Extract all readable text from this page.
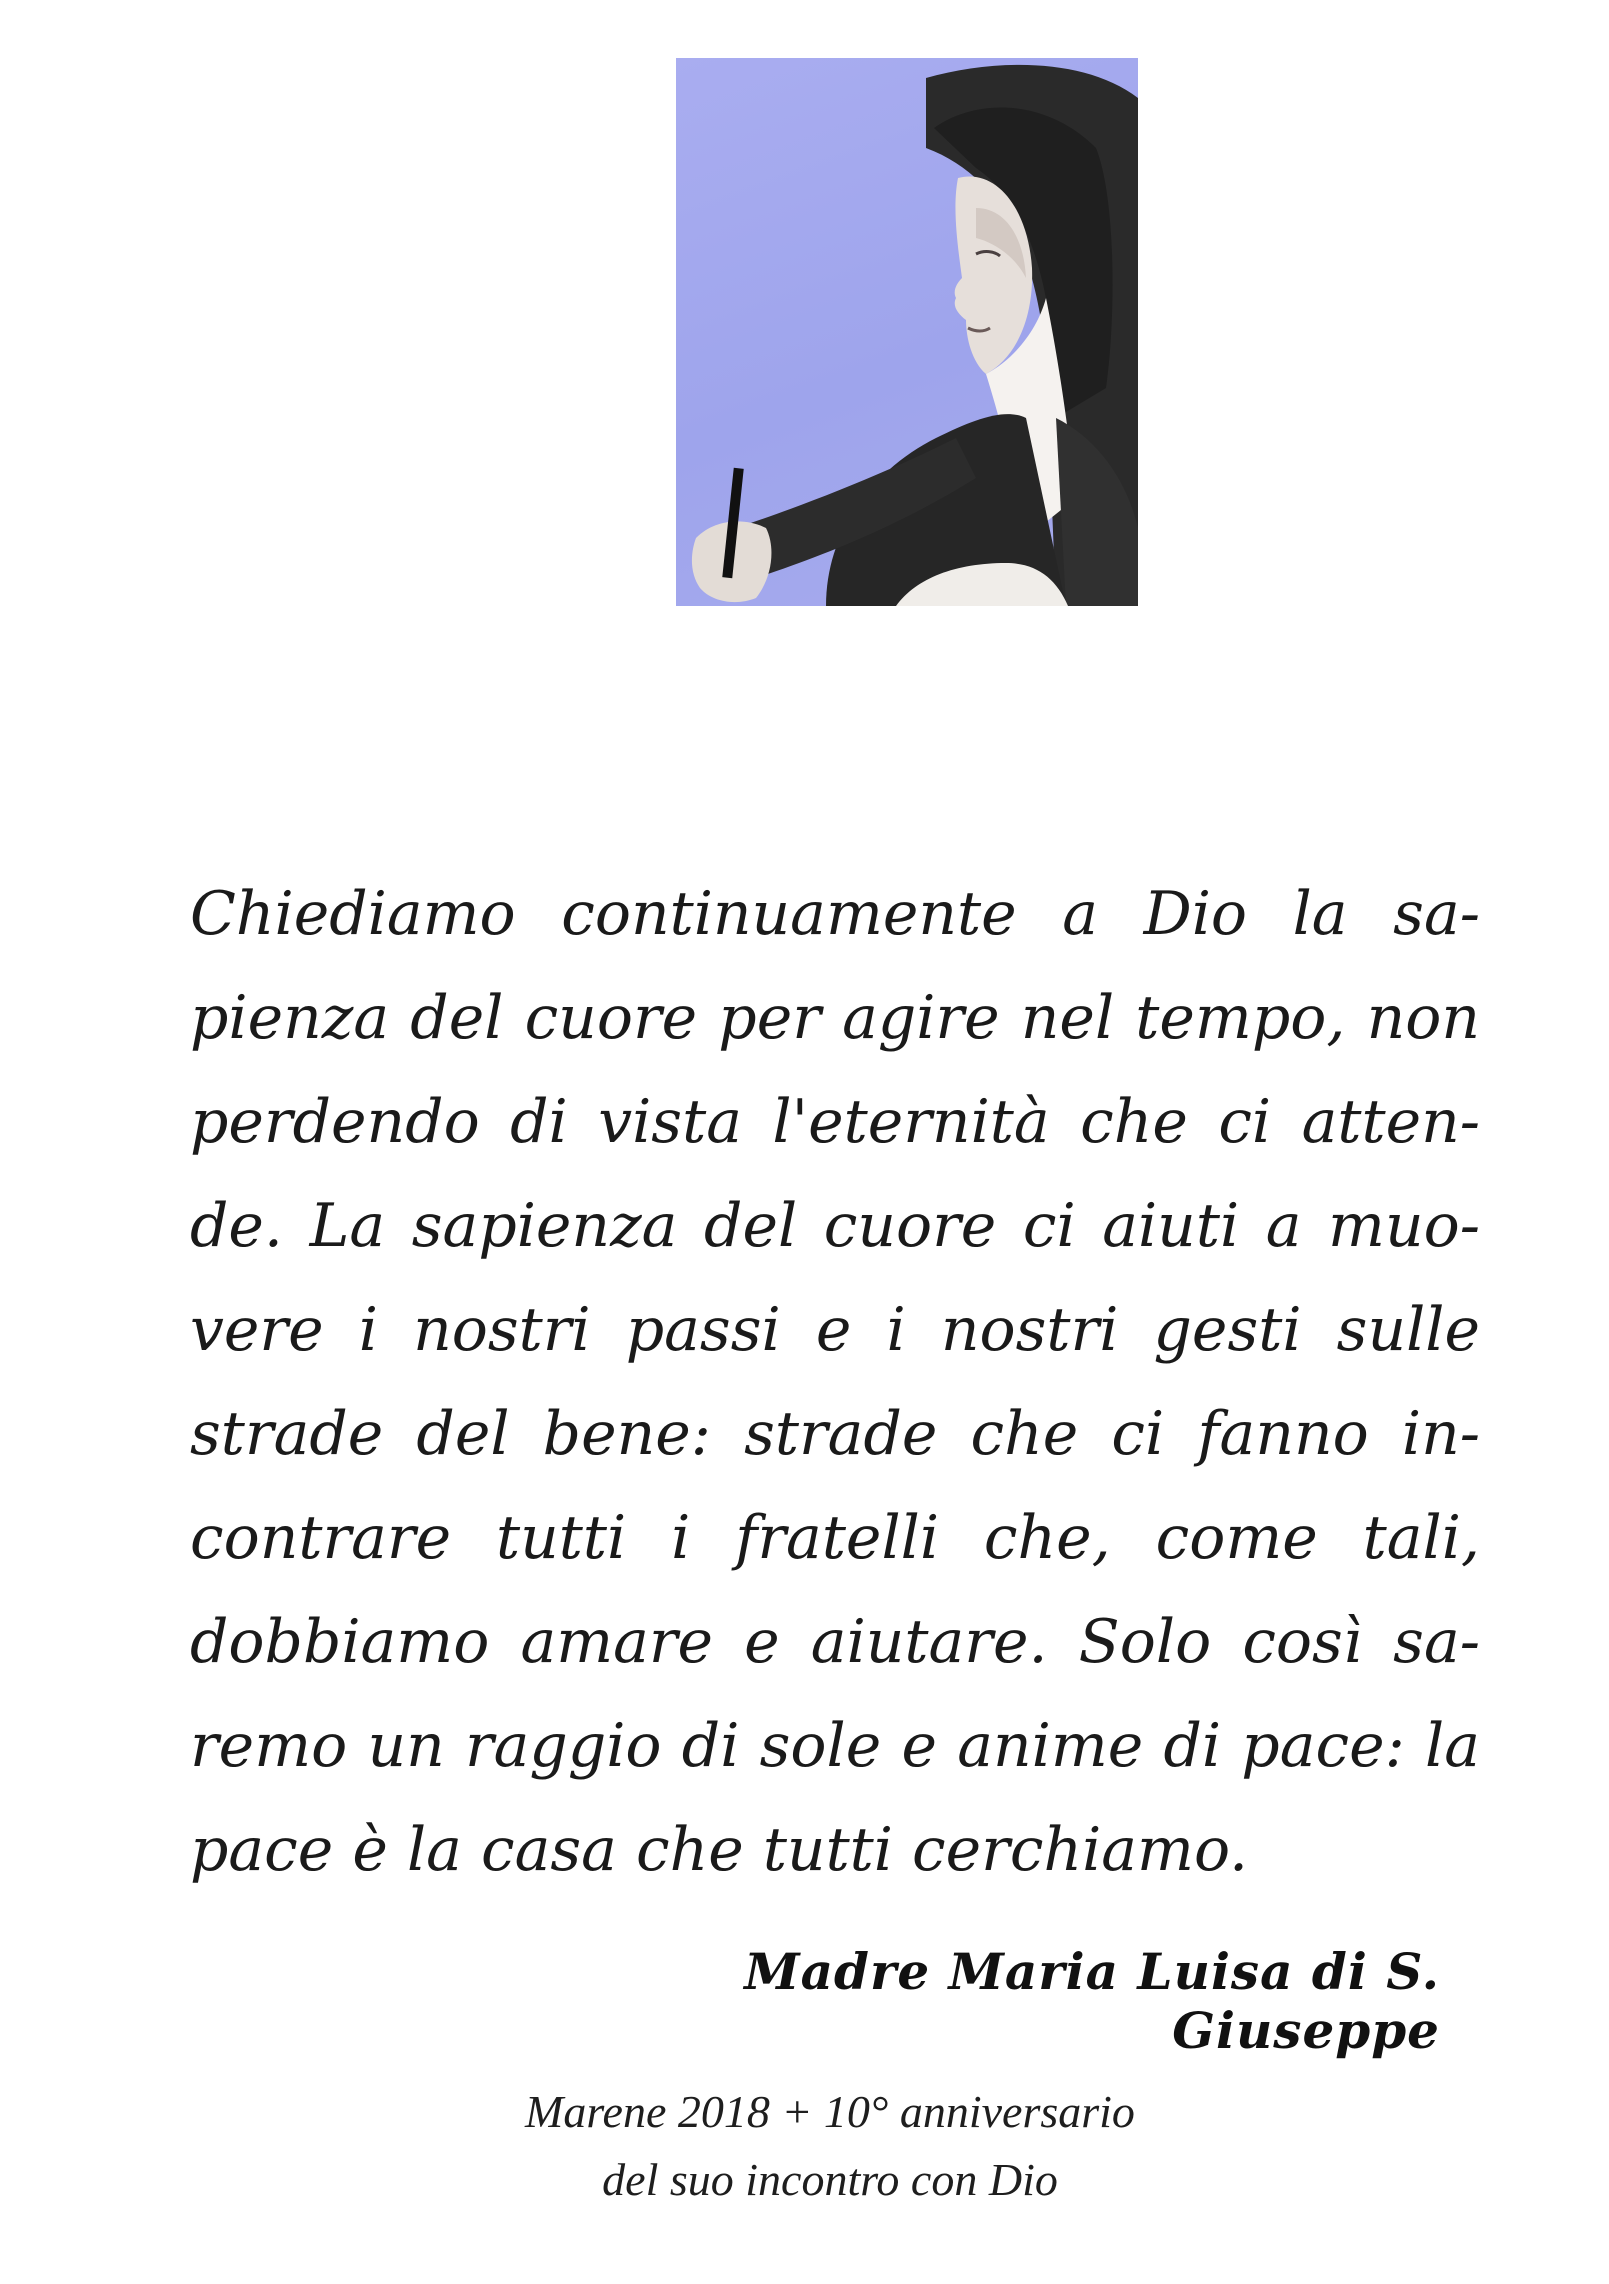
Chiediamo continuamente a Dio la sa-
pienza del cuore per agire nel tempo, non
perdendo di vista l'eternità che ci atten-
de. La sapienza del cuore ci aiuti a muo-
vere i nostri passi e i nostri gesti sulle
strade del bene: strade che ci fanno in-
contrare tutti i fratelli che, come tali,
dobbiamo amare e aiutare. Solo così sa-
remo un raggio di sole e anime di pace: la
pace è la casa che tutti cerchiamo.

Madre Maria Luisa di S. Giuseppe
Marene 2018 + 10° anniversario
del suo incontro con Dio
